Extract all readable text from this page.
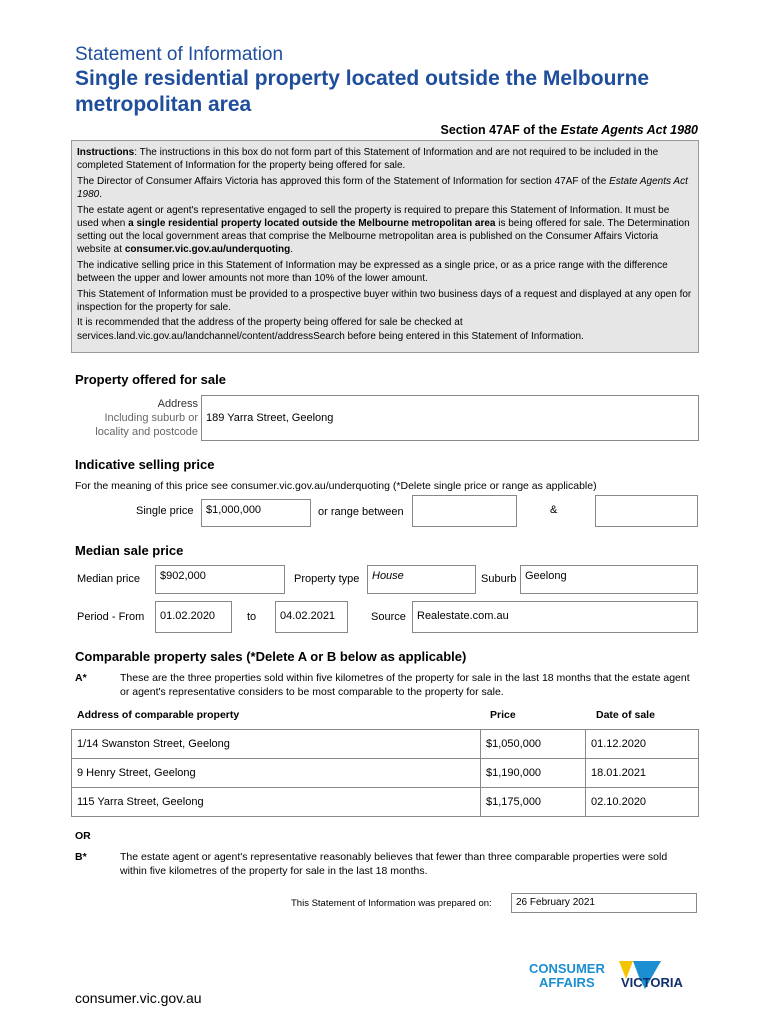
Statement of Information
Single residential property located outside the Melbourne metropolitan area
Section 47AF of the Estate Agents Act 1980

Instructions: The instructions in this box do not form part of this Statement of Information and are not required to be included in the completed Statement of Information for the property being offered for sale.

The Director of Consumer Affairs Victoria has approved this form of the Statement of Information for section 47AF of the Estate Agents Act 1980.

The estate agent or agent's representative engaged to sell the property is required to prepare this Statement of Information. It must be used when a single residential property located outside the Melbourne metropolitan area is being offered for sale. The Determination setting out the local government areas that comprise the Melbourne metropolitan area is published on the Consumer Affairs Victoria website at consumer.vic.gov.au/underquoting.

The indicative selling price in this Statement of Information may be expressed as a single price, or as a price range with the difference between the upper and lower amounts not more than 10% of the lower amount.

This Statement of Information must be provided to a prospective buyer within two business days of a request and displayed at any open for inspection for the property for sale.

It is recommended that the address of the property being offered for sale be checked at services.land.vic.gov.au/landchannel/content/addressSearch before being entered in this Statement of Information.

Property offered for sale
Address
Including suburb or
locality and postcode
189 Yarra Street, Geelong
Indicative selling price
For the meaning of this price see consumer.vic.gov.au/underquoting (*Delete single price or range as applicable)
Single price	$1,000,000	or range between	&
Median sale price
Median price	$902,000	Property type	House	Suburb Geelong
Period - From	01.02.2020	to	04.02.2021	Source	Realestate.com.au
Comparable property sales (*Delete A or B below as applicable)
A*	These are the three properties sold within five kilometres of the property for sale in the last 18 months that the estate agent or agent's representative considers to be most comparable to the property for sale.
Address of comparable property	Price	Date of sale
1/14 Swanston Street, Geelong	$1,050,000	01.12.2020
9 Henry Street, Geelong	$1,190,000	18.01.2021
115 Yarra Street, Geelong	$1,175,000	02.10.2020
OR
B*	The estate agent or agent's representative reasonably believes that fewer than three comparable properties were sold within five kilometres of the property for sale in the last 18 months.
This Statement of Information was prepared on:	26 February 2021
CONSUMER
AFFAIRS VICTORIA
consumer.vic.gov.au
